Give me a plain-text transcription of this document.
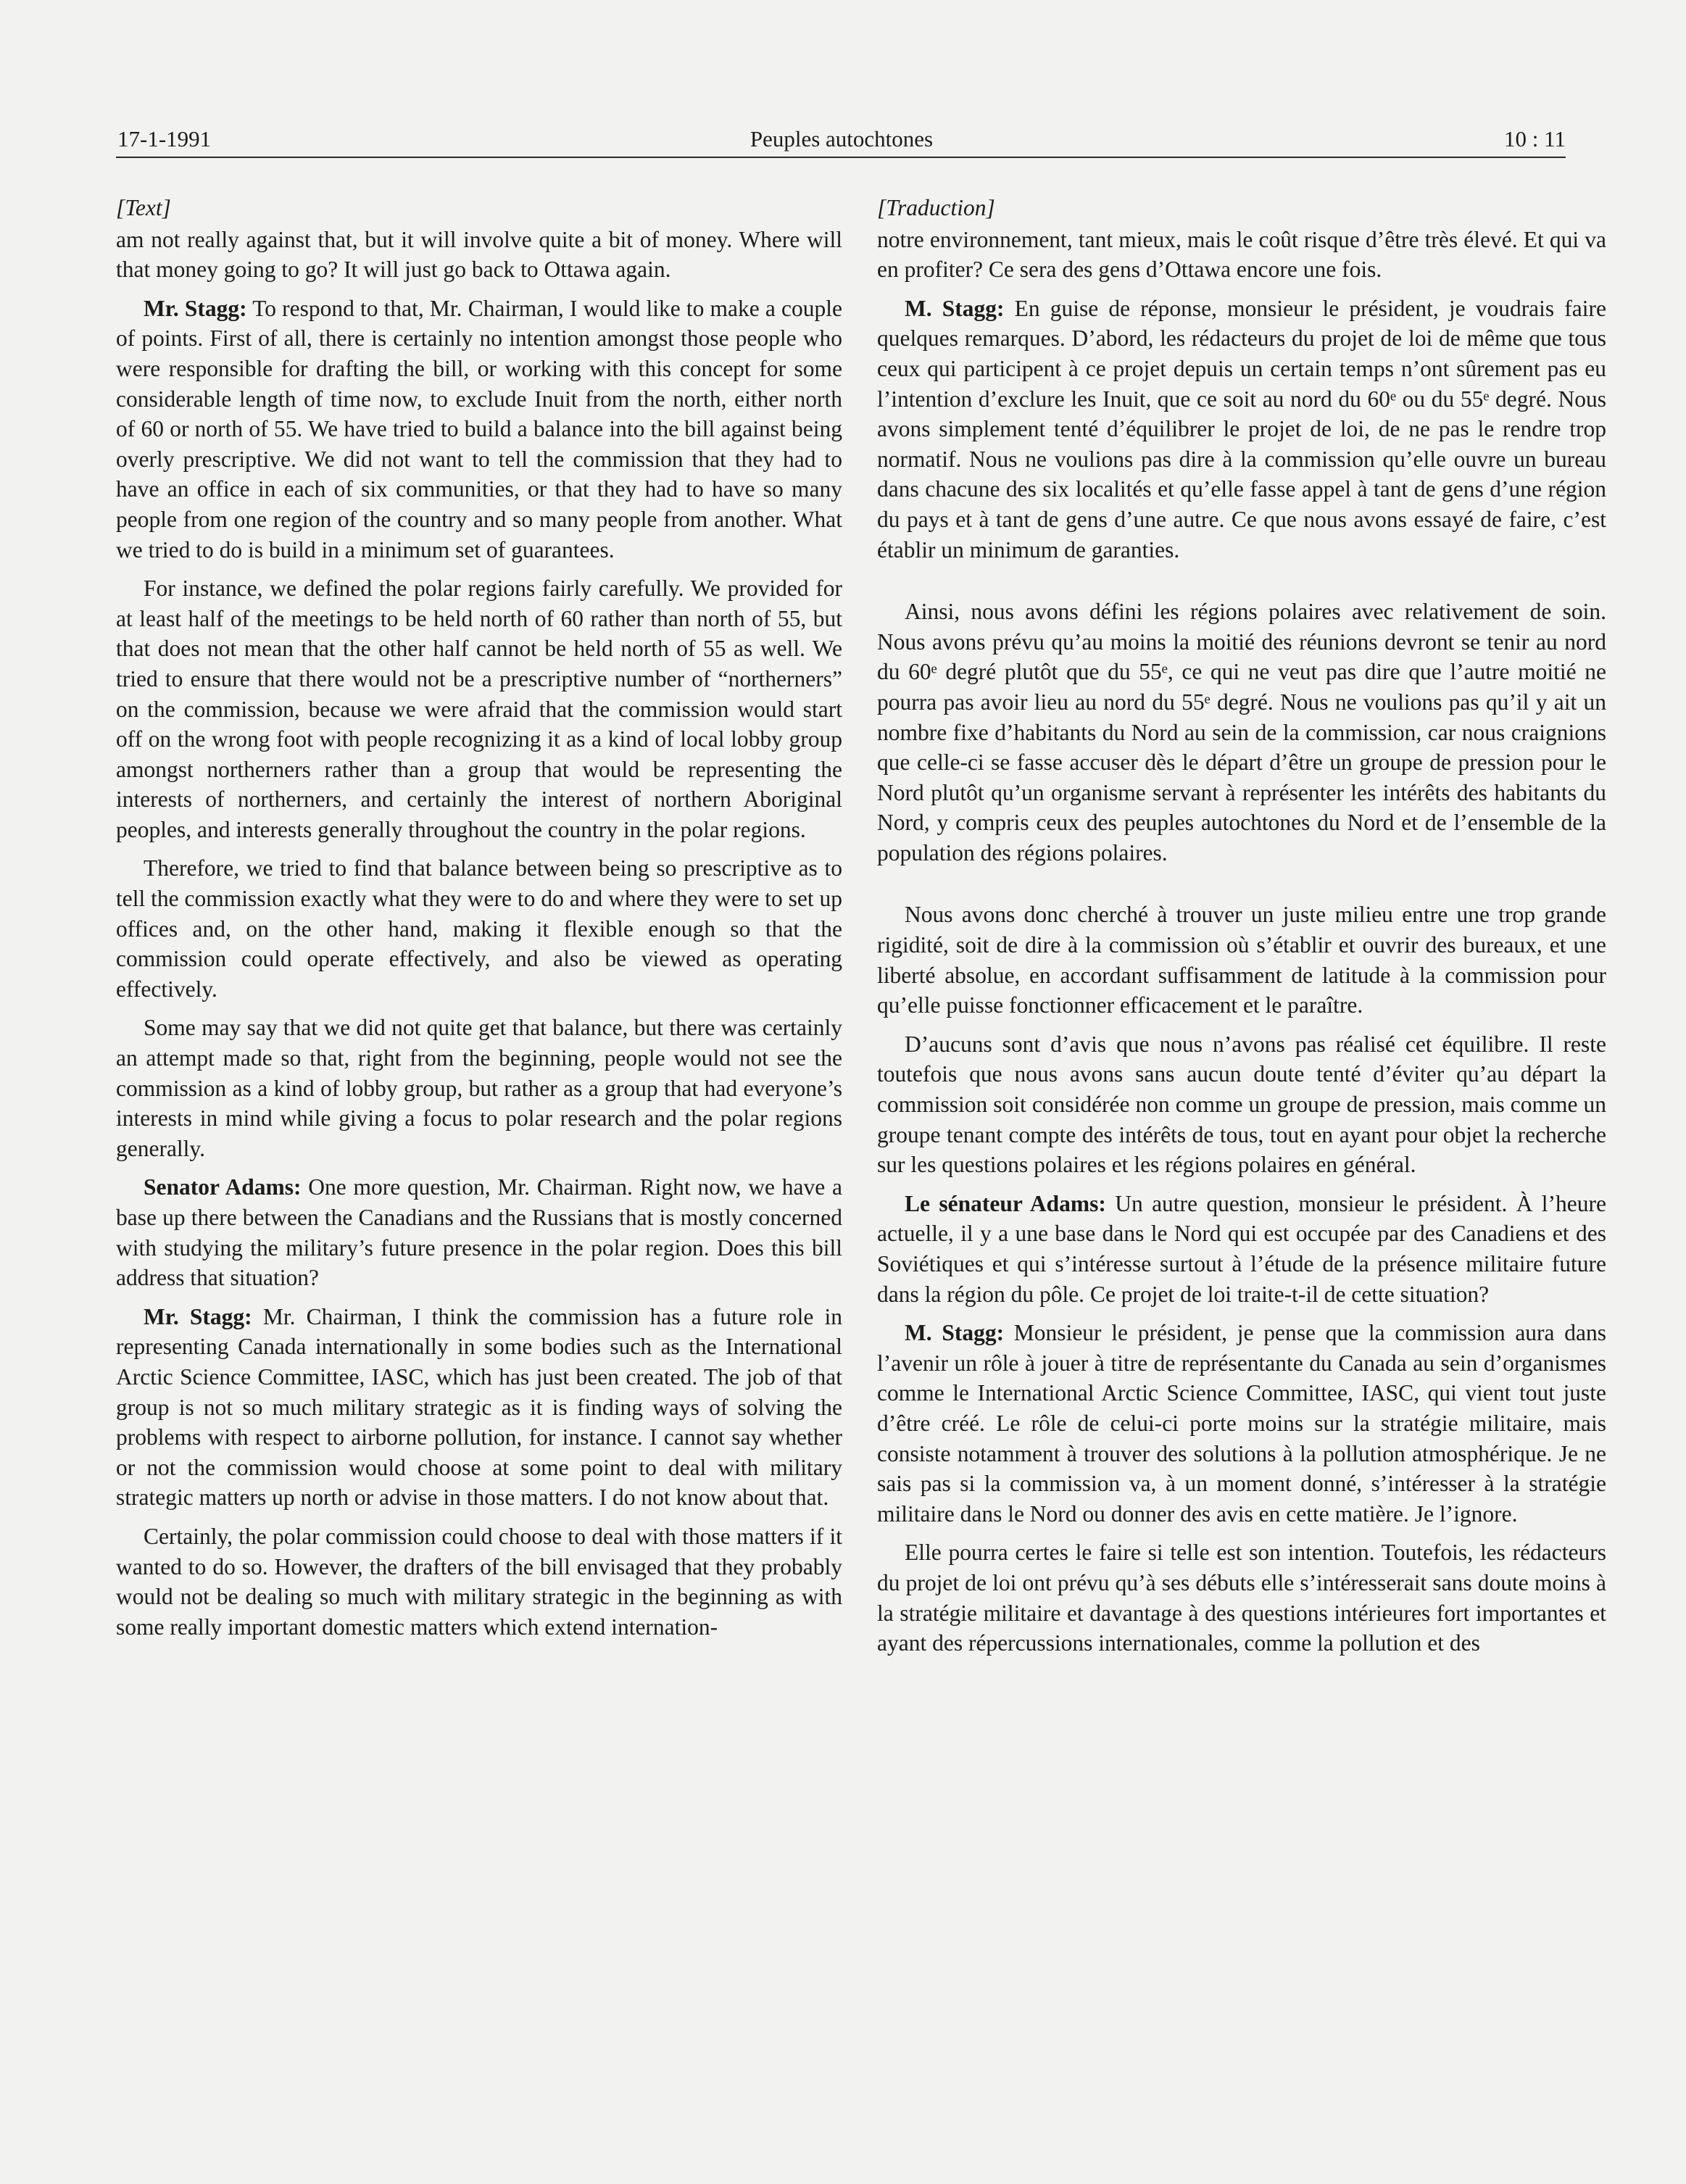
17-1-1991	Peuples autochtones	10 : 11
[Text]

am not really against that, but it will involve quite a bit of money. Where will that money going to go? It will just go back to Ottawa again.

Mr. Stagg: To respond to that, Mr. Chairman, I would like to make a couple of points. First of all, there is certainly no intention amongst those people who were responsible for drafting the bill, or working with this concept for some considerable length of time now, to exclude Inuit from the north, either north of 60 or north of 55. We have tried to build a balance into the bill against being overly prescriptive. We did not want to tell the commission that they had to have an office in each of six communities, or that they had to have so many people from one region of the country and so many people from another. What we tried to do is build in a minimum set of guarantees.

For instance, we defined the polar regions fairly carefully. We provided for at least half of the meetings to be held north of 60 rather than north of 55, but that does not mean that the other half cannot be held north of 55 as well. We tried to ensure that there would not be a prescriptive number of “northerners” on the commission, because we were afraid that the commission would start off on the wrong foot with people recognizing it as a kind of local lobby group amongst northerners rather than a group that would be representing the interests of northerners, and certainly the interest of northern Aboriginal peoples, and interests generally throughout the country in the polar regions.

Therefore, we tried to find that balance between being so prescriptive as to tell the commission exactly what they were to do and where they were to set up offices and, on the other hand, making it flexible enough so that the commission could operate effectively, and also be viewed as operating effectively.

Some may say that we did not quite get that balance, but there was certainly an attempt made so that, right from the beginning, people would not see the commission as a kind of lobby group, but rather as a group that had everyone’s interests in mind while giving a focus to polar research and the polar regions generally.

Senator Adams: One more question, Mr. Chairman. Right now, we have a base up there between the Canadians and the Russians that is mostly concerned with studying the military’s future presence in the polar region. Does this bill address that situation?

Mr. Stagg: Mr. Chairman, I think the commission has a future role in representing Canada internationally in some bodies such as the International Arctic Science Committee, IASC, which has just been created. The job of that group is not so much military strategic as it is finding ways of solving the problems with respect to airborne pollution, for instance. I cannot say whether or not the commission would choose at some point to deal with military strategic matters up north or advise in those matters. I do not know about that.

Certainly, the polar commission could choose to deal with those matters if it wanted to do so. However, the drafters of the bill envisaged that they probably would not be dealing so much with military strategic in the beginning as with some really important domestic matters which extend internation-

[Traduction]

notre environnement, tant mieux, mais le coût risque d’être très élevé. Et qui va en profiter? Ce sera des gens d’Ottawa encore une fois.

M. Stagg: En guise de réponse, monsieur le président, je voudrais faire quelques remarques. D’abord, les rédacteurs du projet de loi de même que tous ceux qui participent à ce projet depuis un certain temps n’ont sûrement pas eu l’intention d’exclure les Inuit, que ce soit au nord du 60ᵉ ou du 55ᵉ degré. Nous avons simplement tenté d’équilibrer le projet de loi, de ne pas le rendre trop normatif. Nous ne voulions pas dire à la commission qu’elle ouvre un bureau dans chacune des six localités et qu’elle fasse appel à tant de gens d’une région du pays et à tant de gens d’une autre. Ce que nous avons essayé de faire, c’est établir un minimum de garanties.

Ainsi, nous avons défini les régions polaires avec relativement de soin. Nous avons prévu qu’au moins la moitié des réunions devront se tenir au nord du 60ᵉ degré plutôt que du 55ᵉ, ce qui ne veut pas dire que l’autre moitié ne pourra pas avoir lieu au nord du 55ᵉ degré. Nous ne voulions pas qu’il y ait un nombre fixe d’habitants du Nord au sein de la commission, car nous craignions que celle-ci se fasse accuser dès le départ d’être un groupe de pression pour le Nord plutôt qu’un organisme servant à représenter les intérêts des habitants du Nord, y compris ceux des peuples autochtones du Nord et de l’ensemble de la population des régions polaires.

Nous avons donc cherché à trouver un juste milieu entre une trop grande rigidité, soit de dire à la commission où s’établir et ouvrir des bureaux, et une liberté absolue, en accordant suffisamment de latitude à la commission pour qu’elle puisse fonctionner efficacement et le paraître.

D’aucuns sont d’avis que nous n’avons pas réalisé cet équilibre. Il reste toutefois que nous avons sans aucun doute tenté d’éviter qu’au départ la commission soit considérée non comme un groupe de pression, mais comme un groupe tenant compte des intérêts de tous, tout en ayant pour objet la recherche sur les questions polaires et les régions polaires en général.

Le sénateur Adams: Un autre question, monsieur le président. À l’heure actuelle, il y a une base dans le Nord qui est occupée par des Canadiens et des Soviétiques et qui s’intéresse surtout à l’étude de la présence militaire future dans la région du pôle. Ce projet de loi traite-t-il de cette situation?

M. Stagg: Monsieur le président, je pense que la commission aura dans l’avenir un rôle à jouer à titre de représentante du Canada au sein d’organismes comme le International Arctic Science Committee, IASC, qui vient tout juste d’être créé. Le rôle de celui-ci porte moins sur la stratégie militaire, mais consiste notamment à trouver des solutions à la pollution atmosphérique. Je ne sais pas si la commission va, à un moment donné, s’intéresser à la stratégie militaire dans le Nord ou donner des avis en cette matière. Je l’ignore.

Elle pourra certes le faire si telle est son intention. Toutefois, les rédacteurs du projet de loi ont prévu qu’à ses débuts elle s’intéresserait sans doute moins à la stratégie militaire et davantage à des questions intérieures fort importantes et ayant des répercussions internationales, comme la pollution et des
